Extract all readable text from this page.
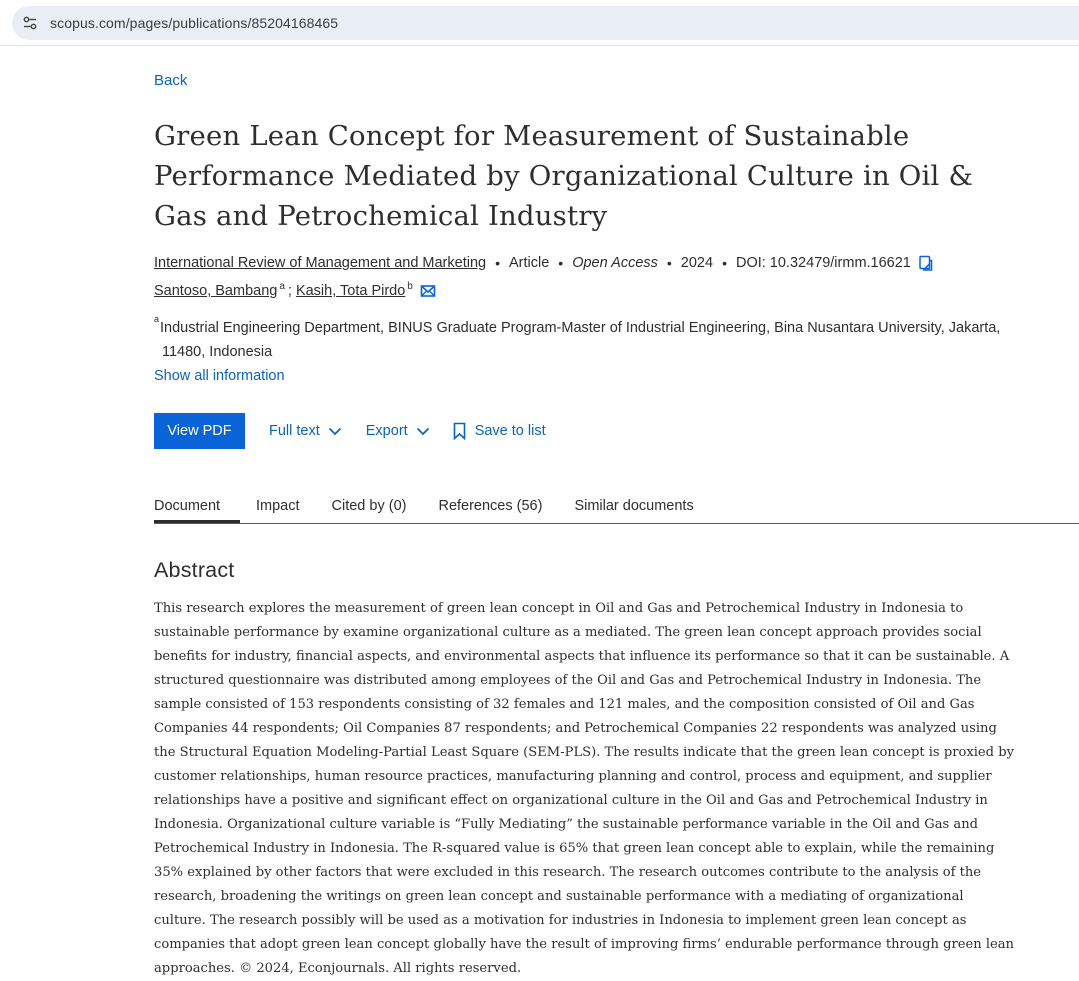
scopus.com/pages/publications/85204168465
Back
Green Lean Concept for Measurement of Sustainable Performance Mediated by Organizational Culture in Oil & Gas and Petrochemical Industry
International Review of Management and Marketing • Article • Open Access • 2024 • DOI: 10.32479/irmm.16621
Santoso, Bambang$^a$ ; Kasih, Tota Pirdo$^b$
$^a$Industrial Engineering Department, BINUS Graduate Program-Master of Industrial Engineering, Bina Nusantara University, Jakarta, 11480, Indonesia
Show all information
View PDF	Full text	Export	Save to list
Document	Impact Cited by (0) References (56) Similar documents
Abstract

This research explores the measurement of green lean concept in Oil and Gas and Petrochemical Industry in Indonesia to sustainable performance by examine organizational culture as a mediated. The green lean concept approach provides social benefits for industry, financial aspects, and environmental aspects that influence its performance so that it can be sustainable. A structured questionnaire was distributed among employees of the Oil and Gas and Petrochemical Industry in Indonesia. The sample consisted of 153 respondents consisting of 32 females and 121 males, and the composition consisted of Oil and Gas Companies 44 respondents; Oil Companies 87 respondents; and Petrochemical Companies 22 respondents was analyzed using the Structural Equation Modeling-Partial Least Square (SEM-PLS). The results indicate that the green lean concept is proxied by customer relationships, human resource practices, manufacturing planning and control, process and equipment, and supplier relationships have a positive and significant effect on organizational culture in the Oil and Gas and Petrochemical Industry in Indonesia. Organizational culture variable is “Fully Mediating” the sustainable performance variable in the Oil and Gas and Petrochemical Industry in Indonesia. The R-squared value is 65% that green lean concept able to explain, while the remaining 35% explained by other factors that were excluded in this research. The research outcomes contribute to the analysis of the research, broadening the writings on green lean concept and sustainable performance with a mediating of organizational culture. The research possibly will be used as a motivation for industries in Indonesia to implement green lean concept as companies that adopt green lean concept globally have the result of improving firms’ endurable performance through green lean approaches. © 2024, Econjournals. All rights reserved.
